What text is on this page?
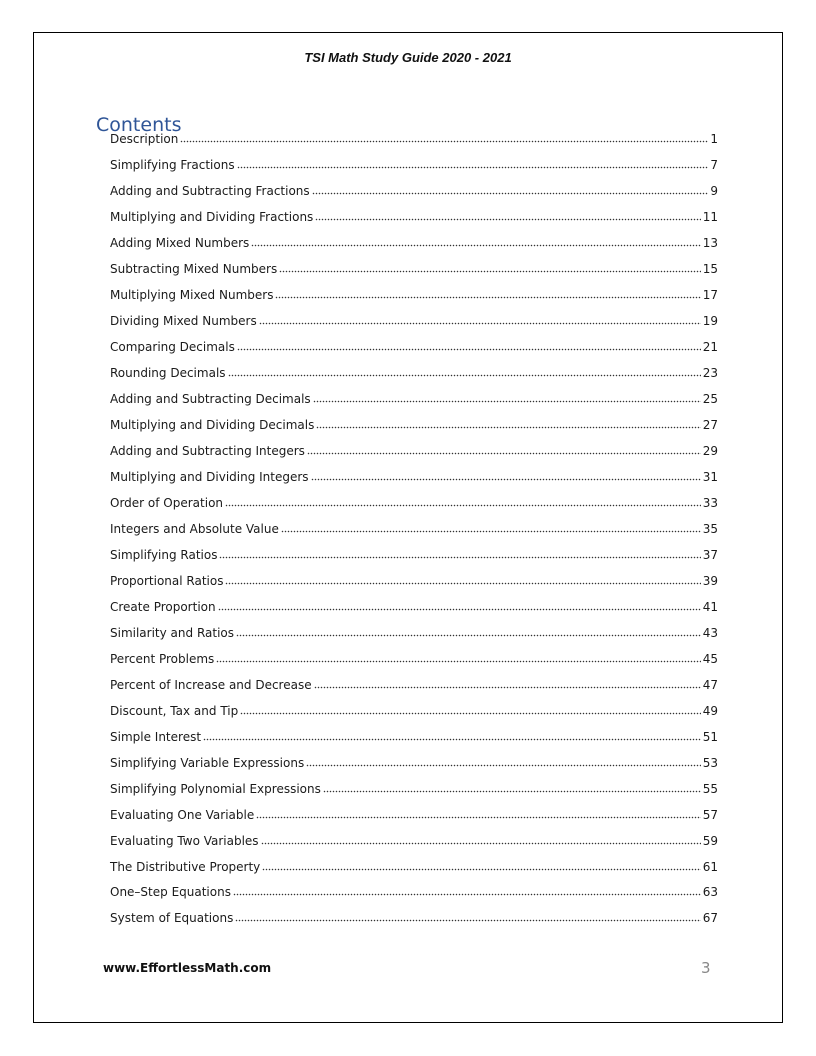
TSI Math Study Guide 2020 - 2021
Contents
Description	1
Simplifying Fractions	7
Adding and Subtracting Fractions	9
Multiplying and Dividing Fractions	11
Adding Mixed Numbers	13
Subtracting Mixed Numbers	15
Multiplying Mixed Numbers	17
Dividing Mixed Numbers	19
Comparing Decimals	21
Rounding Decimals	23
Adding and Subtracting Decimals	25
Multiplying and Dividing Decimals	27
Adding and Subtracting Integers	29
Multiplying and Dividing Integers	31
Order of Operation	33
Integers and Absolute Value	35
Simplifying Ratios	37
Proportional Ratios	39
Create Proportion	41
Similarity and Ratios	43
Percent Problems	45
Percent of Increase and Decrease	47
Discount, Tax and Tip	49
Simple Interest	51
Simplifying Variable Expressions	53
Simplifying Polynomial Expressions	55
Evaluating One Variable	57
Evaluating Two Variables	59
The Distributive Property	61
One–Step Equations	63
System of Equations	67
www.EffortlessMath.com	3
